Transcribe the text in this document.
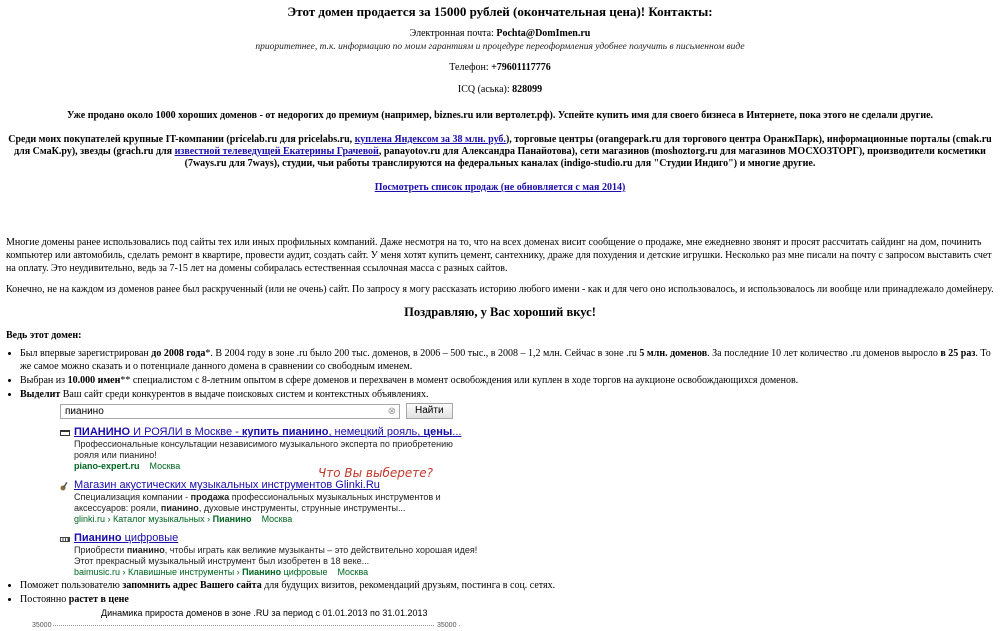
Этот домен продается за 15000 рублей (окончательная цена)! Контакты:
Электронная почта: Pochta@DomImen.ru
приоритетнее, т.к. информацию по моим гарантиям и процедуре переоформления удобнее получить в письменном виде
Телефон: +79601117776
ICQ (аська): 828099
Уже продано около 1000 хороших доменов - от недорогих до премиум (например, biznes.ru или вертолет.рф). Успейте купить имя для своего бизнеса в Интернете, пока этого не сделали другие.
Среди моих покупателей крупные IT-компании (pricelab.ru для pricelabs.ru, куплена Яндексом за 38 млн. руб.), торговые центры (orangepark.ru для торгового центра ОранжПарк), информационные порталы (cmak.ru для СмаК.ру), звезды (grach.ru для известной телеведущей Екатерины Грачевой, panayotov.ru для Александра Панайотова), сети магазинов (moshoztorg.ru для магазинов МОСХОЗТОРГ), производители косметики (7ways.ru для 7ways), студии, чьи работы транслируются на федеральных каналах (indigo-studio.ru для "Студии Индиго") и многие другие.
Посмотреть список продаж (не обновляется с мая 2014)
Многие домены ранее использовались под сайты тех или иных профильных компаний. Даже несмотря на то, что на всех доменах висит сообщение о продаже, мне ежедневно звонят и просят рассчитать сайдинг на дом, починить компьютер или автомобиль, сделать ремонт в квартире, провести аудит, создать сайт. У меня хотят купить цемент, сантехнику, драже для похудения и детские игрушки. Несколько раз мне писали на почту с запросом выставить счет на оплату. Это неудивительно, ведь за 7-15 лет на домены собиралась естественная ссылочная масса с разных сайтов.
Конечно, не на каждом из доменов ранее был раскрученный (или не очень) сайт. По запросу я могу рассказать историю любого имени - как и для чего оно использовалось, и использовалось ли вообще или принадлежало домейнеру.
Поздравляю, у Вас хороший вкус!
Ведь этот домен:
• Был впервые зарегистрирован до 2008 года*. В 2004 году в зоне .ru было 200 тыс. доменов, в 2006 – 500 тыс., в 2008 – 1,2 млн. Сейчас в зоне .ru 5 млн. доменов. За последние 10 лет количество .ru доменов выросло в 25 раз. То же самое можно сказать и о потенциале данного домена в сравнении со свободным именем.
• Выбран из 10.000 имен** специалистом с 8-летним опытом в сфере доменов и перехвачен в момент освобождения или куплен в ходе торгов на аукционе освобождающихся доменов.
• Выделит Ваш сайт среди конкурентов в выдаче поисковых систем и контекстных объявлениях.
пианино	⊗	Найти
ПИАНИНО И РОЯЛИ в Москве - купить пианино, немецкий рояль, цены...
Профессиональные консультации независимого музыкального эксперта по приобретению рояля или пианино!
piano-expert.ru Москва
Магазин акустических музыкальных инструментов Glinki.Ru
Специализация компании - продажа профессиональных музыкальных инструментов и аксессуаров: рояли, пианино, духовые инструменты, струнные инструменты...
glinki.ru › Каталог музыкальных › Пианино Москва
Пианино цифровые
Приобрести пианино, чтобы играть как великие музыканты – это действительно хорошая идея!
Этот прекрасный музыкальный инструмент был изобретен в 18 веке...
baimusic.ru › Клавишные инструменты › Пианино цифровые Москва
Что Вы выберете?
• Поможет пользователю запомнить адрес Вашего сайта для будущих визитов, рекомендаций друзьям, постинга в соц. сетях.
• Постоянно растет в цене
Динамика прироста доменов в зоне .RU за период с 01.01.2013 по 31.01.2013
35000	35000
